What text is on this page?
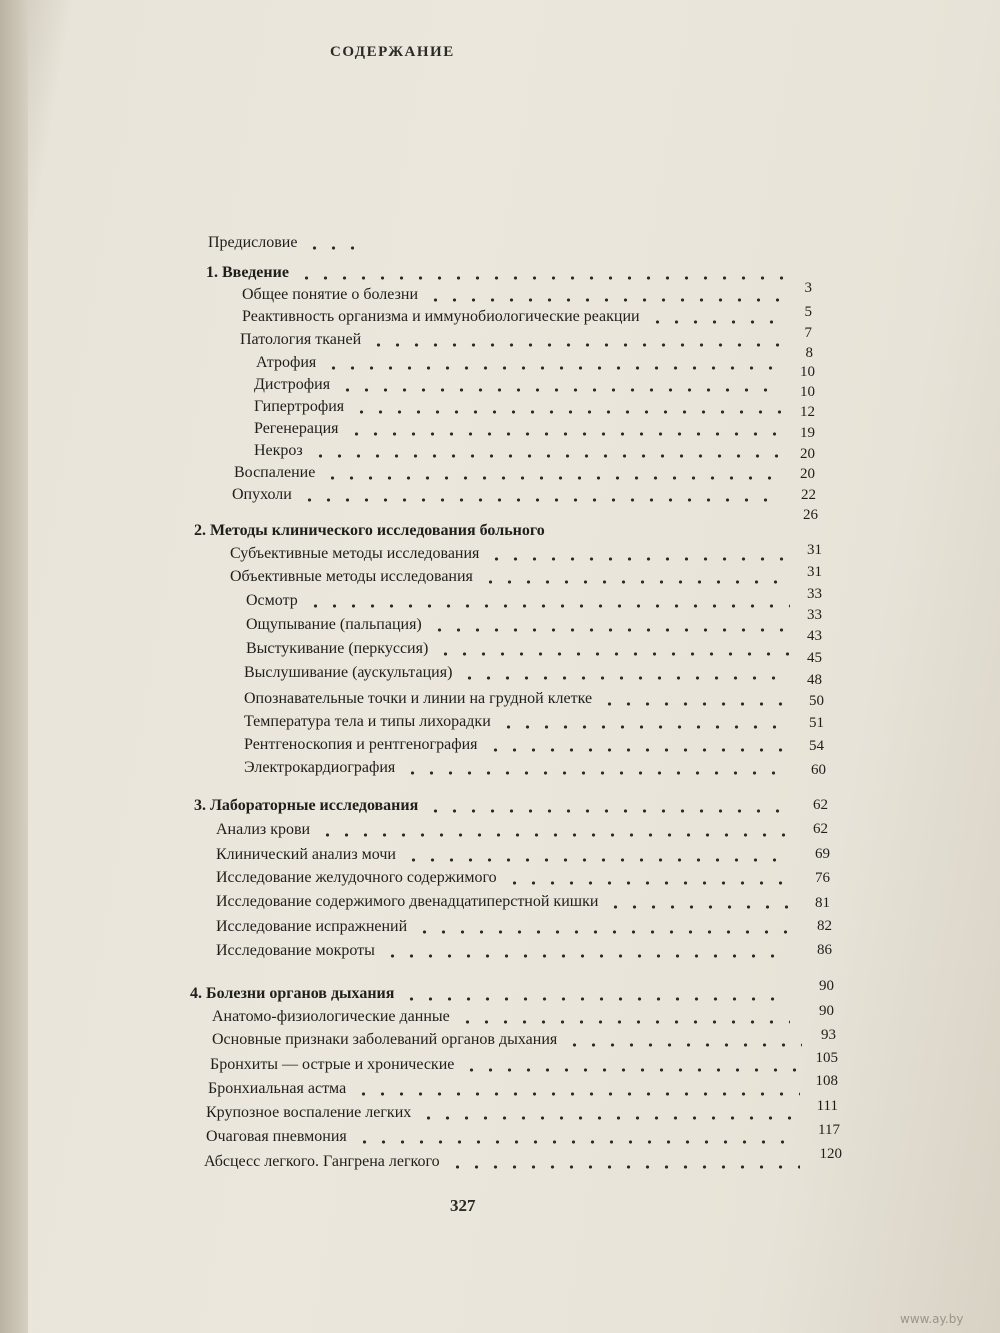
СОДЕРЖАНИЕ
Предисловие
1. Введение
Общее понятие о болезни
Реактивность организма и иммунобиологические реакции
Патология тканей
Атрофия
Дистрофия
Гипертрофия
Регенерация
Некроз
Воспаление
Опухоли
2. Методы клинического исследования больного
Субъективные методы исследования
Объективные методы исследования
Осмотр
Ощупывание (пальпация)
Выстукивание (перкуссия)
Выслушивание (аускультация)
Опознавательные точки и линии на грудной клетке
Температура тела и типы лихорадки
Рентгеноскопия и рентгенография
Электрокардиография
3. Лабораторные исследования
Анализ крови
Клинический анализ мочи
Исследование желудочного содержимого
Исследование содержимого двенадцатиперстной кишки
Исследование испражнений
Исследование мокроты
4. Болезни органов дыхания
Анатомо-физиологические данные
Основные признаки заболеваний органов дыхания
Бронхиты — острые и хронические
Бронхиальная астма
Крупозное воспаление легких
Очаговая пневмония
Абсцесс легкого. Гангрена легкого
3
5
7
8
10
10
12
19
20
20
22
26
31
31
33
33
43
45
48
50
51
54
60
62
62
69
76
81
82
86
90
90
93
105
108
111
117
120
327
www.ay.by
